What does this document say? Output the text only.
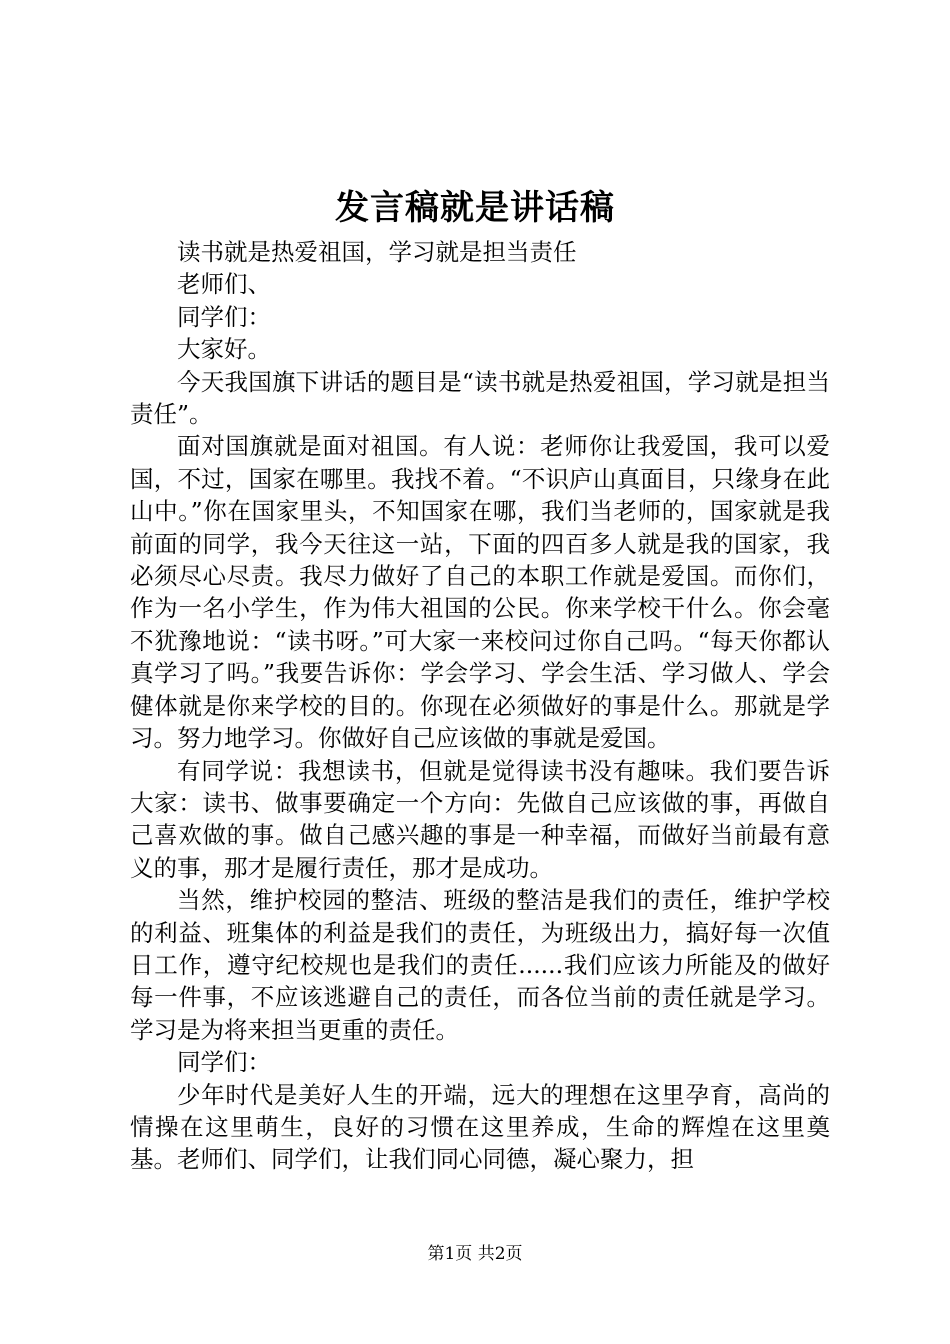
发言稿就是讲话稿

读书就是热爱祖国，学习就是担当责任

老师们、

同学们：

大家好。

今天我国旗下讲话的题目是“读书就是热爱祖国，学习就是担当责任”。

面对国旗就是面对祖国。有人说：老师你让我爱国，我可以爱国，不过，国家在哪里。我找不着。“不识庐山真面目，只缘身在此山中。”你在国家里头，不知国家在哪，我们当老师的，国家就是我前面的同学，我今天往这一站，下面的四百多人就是我的国家，我必须尽心尽责。我尽力做好了自己的本职工作就是爱国。而你们，作为一名小学生，作为伟大祖国的公民。你来学校干什么。你会毫不犹豫地说：“读书呀。”可大家一来校问过你自己吗。“每天你都认真学习了吗。”我要告诉你：学会学习、学会生活、学习做人、学会健体就是你来学校的目的。你现在必须做好的事是什么。那就是学习。努力地学习。你做好自己应该做的事就是爱国。

有同学说：我想读书，但就是觉得读书没有趣味。我们要告诉大家：读书、做事要确定一个方向：先做自己应该做的事，再做自己喜欢做的事。做自己感兴趣的事是一种幸福，而做好当前最有意义的事，那才是履行责任，那才是成功。

当然，维护校园的整洁、班级的整洁是我们的责任，维护学校的利益、班集体的利益是我们的责任，为班级出力，搞好每一次值日工作，遵守纪校规也是我们的责任......我们应该力所能及的做好每一件事，不应该逃避自己的责任，而各位当前的责任就是学习。学习是为将来担当更重的责任。

同学们：

少年时代是美好人生的开端，远大的理想在这里孕育，高尚的情操在这里萌生，良好的习惯在这里养成，生命的辉煌在这里奠基。老师们、同学们，让我们同心同德，凝心聚力，担

第1页 共2页
